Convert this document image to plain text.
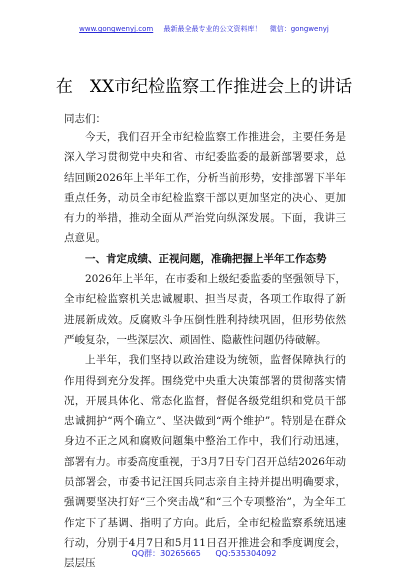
www.gongwenyj.com 最新最全最专业的公文资料库！ 微信：gongwenyj
在　XX市纪检监察工作推进会上的讲话
同志们：

今天，我们召开全市纪检监察工作推进会，主要任务是深入学习贯彻党中央和省、市纪委监委的最新部署要求，总结回顾2026年上半年工作，分析当前形势，安排部署下半年重点任务，动员全市纪检监察干部以更加坚定的决心、更加有力的举措，推动全面从严治党向纵深发展。下面，我讲三点意见。

一、肯定成绩、正视问题，准确把握上半年工作态势

2026年上半年，在市委和上级纪委监委的坚强领导下，全市纪检监察机关忠诚履职、担当尽责，各项工作取得了新进展新成效。反腐败斗争压倒性胜利持续巩固，但形势依然严峻复杂，一些深层次、顽固性、隐蔽性问题仍待破解。

上半年，我们坚持以政治建设为统领，监督保障执行的作用得到充分发挥。围绕党中央重大决策部署的贯彻落实情况，开展具体化、常态化监督，督促各级党组织和党员干部忠诚拥护“两个确立”、坚决做到“两个维护”。特别是在群众身边不正之风和腐败问题集中整治工作中，我们行动迅速，部署有力。市委高度重视，于3月7日专门召开总结2026年动员部署会，市委书记汪国兵同志亲自主持并提出明确要求，强调要坚决打好“三个突击战”和“三个专项整治”，为全年工作定下了基调、指明了方向。此后，全市纪检监察系统迅速行动，分别于4月7日和5月11日召开推进会和季度调度会，层层压

QQ群：30265665 QQ:535304092
